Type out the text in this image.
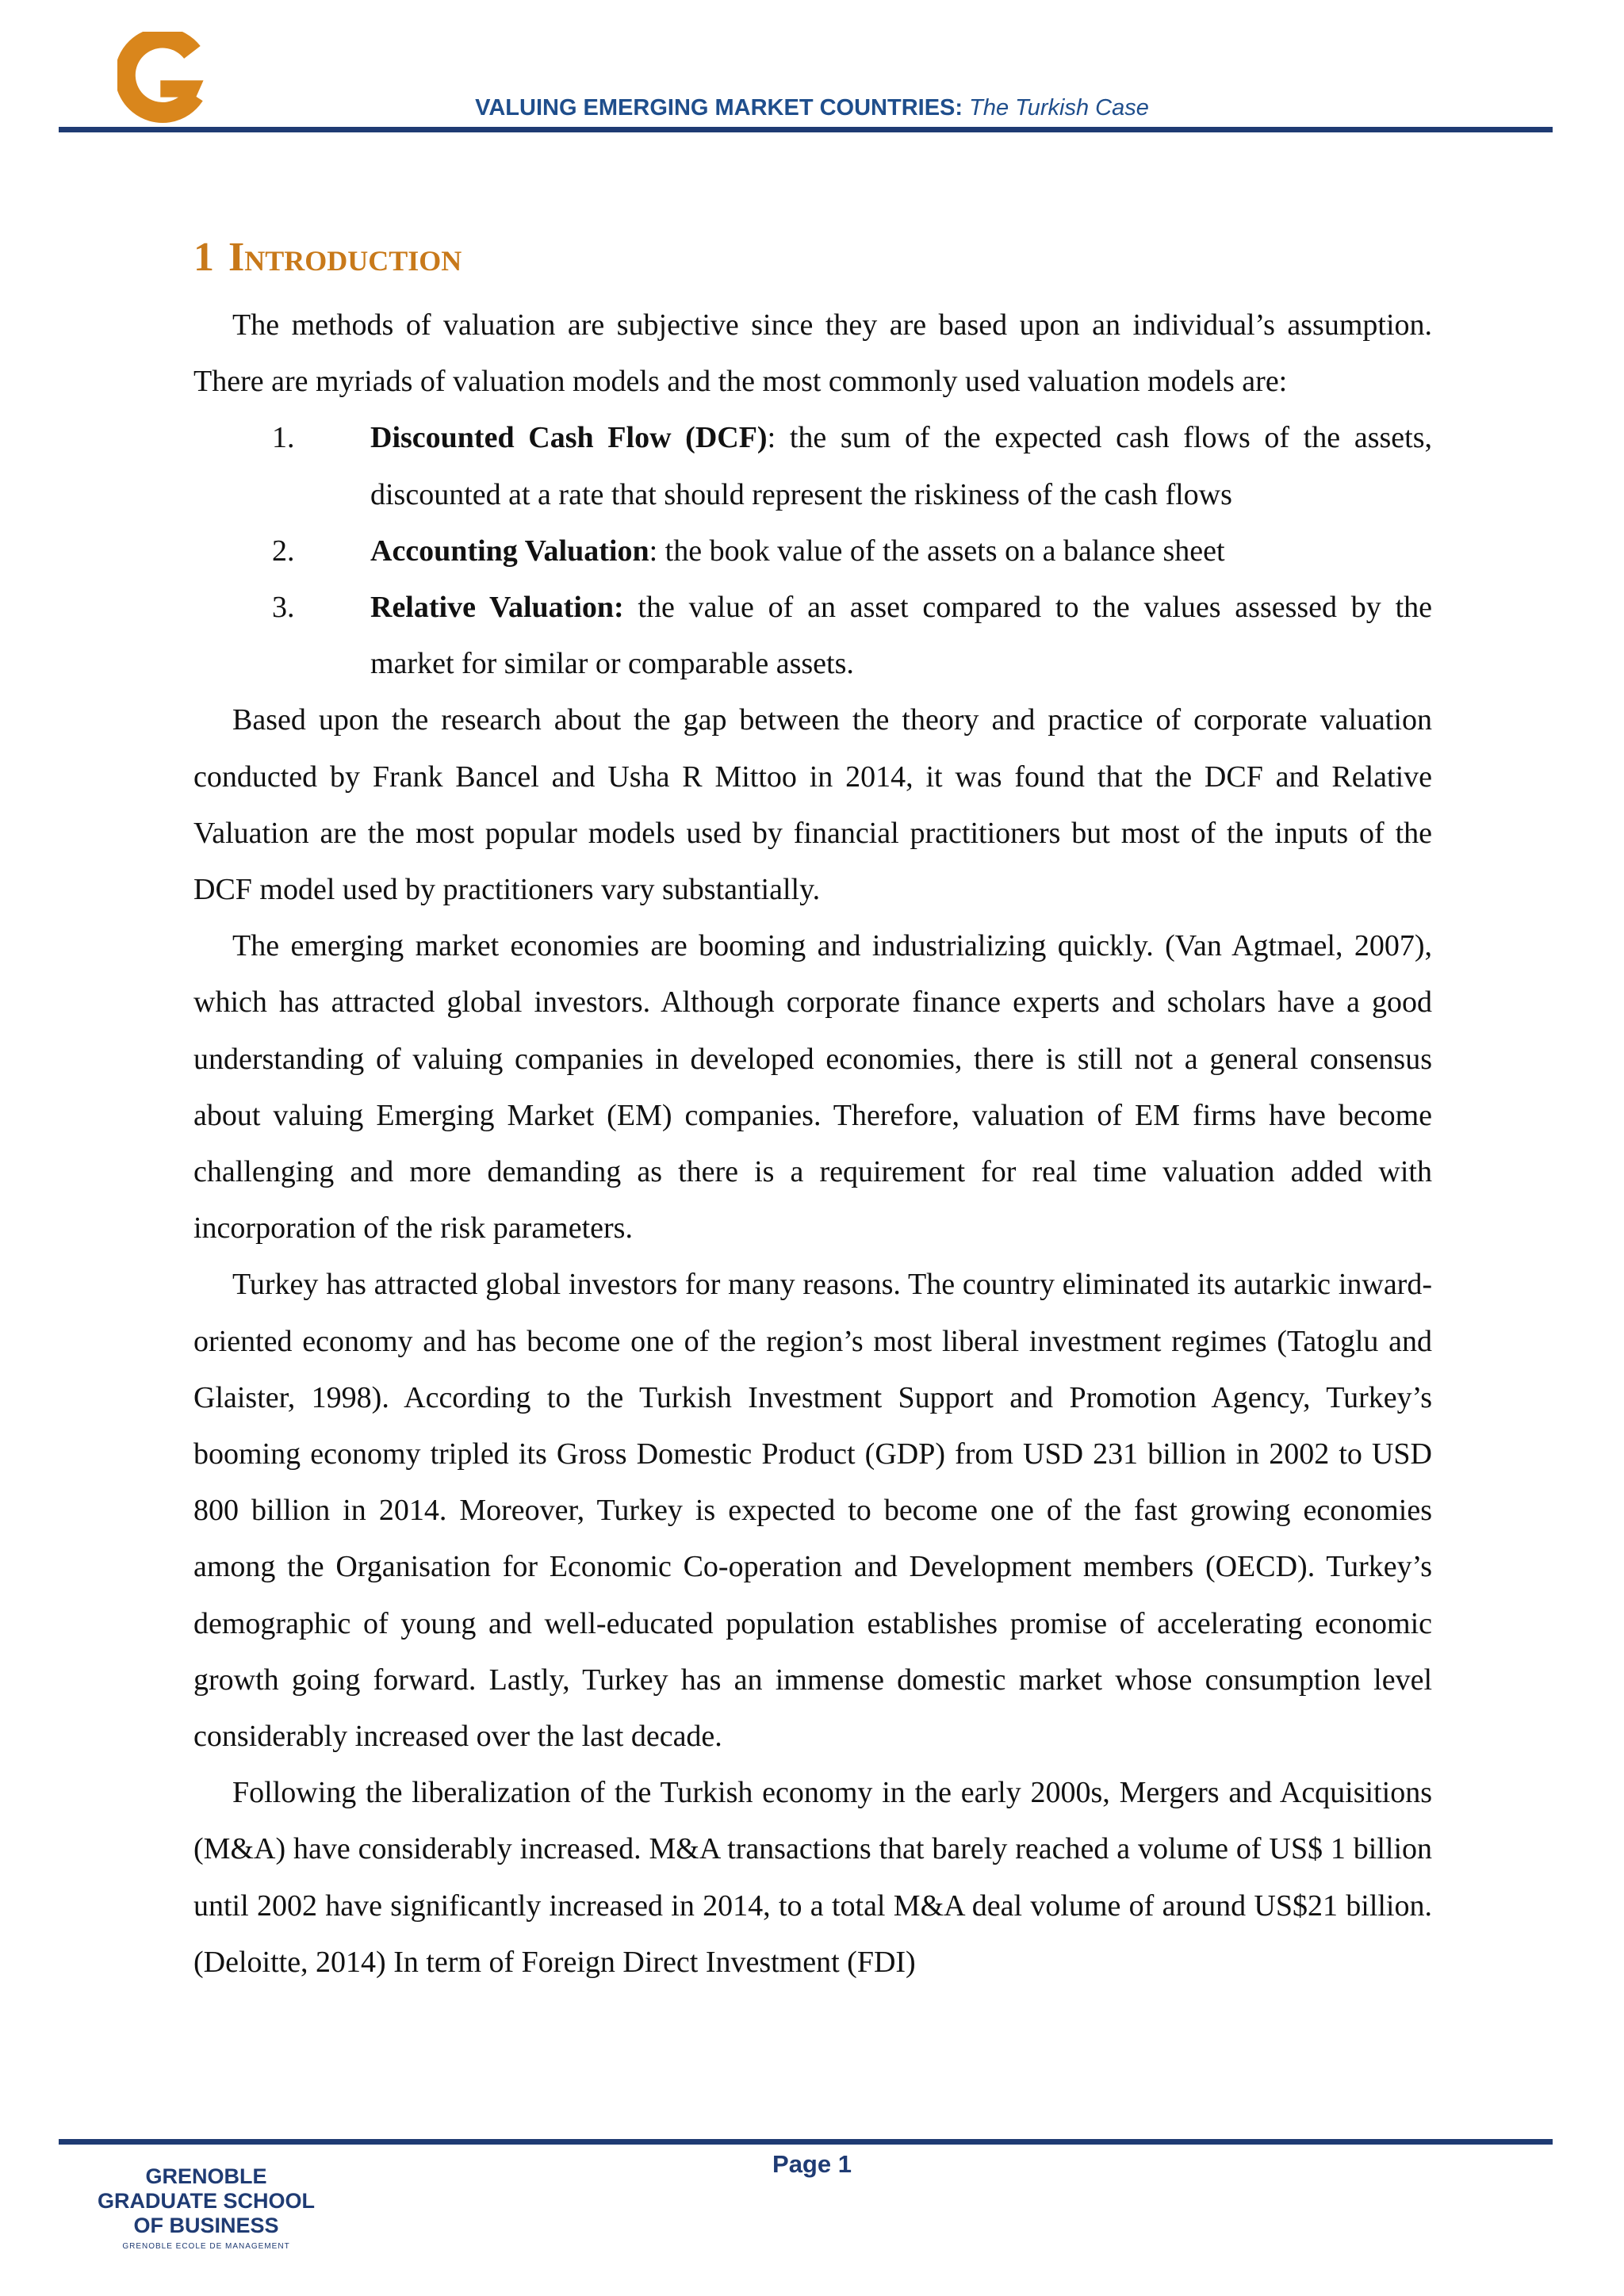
VALUING EMERGING MARKET COUNTRIES: The Turkish Case
1 Introduction

The methods of valuation are subjective since they are based upon an individual’s assumption. There are myriads of valuation models and the most commonly used valuation models are:

1.	Discounted Cash Flow (DCF): the sum of the expected cash flows of the assets, discounted at a rate that should represent the riskiness of the cash flows
2.	Accounting Valuation: the book value of the assets on a balance sheet
3.	Relative Valuation: the value of an asset compared to the values assessed by the market for similar or comparable assets.

Based upon the research about the gap between the theory and practice of corporate valuation conducted by Frank Bancel and Usha R Mittoo in 2014, it was found that the DCF and Relative Valuation are the most popular models used by financial practitioners but most of the inputs of the DCF model used by practitioners vary substantially.

The emerging market economies are booming and industrializing quickly. (Van Agtmael, 2007), which has attracted global investors. Although corporate finance experts and scholars have a good understanding of valuing companies in developed economies, there is still not a general consensus about valuing Emerging Market (EM) companies. Therefore, valuation of EM firms have become challenging and more demanding as there is a requirement for real time valuation added with incorporation of the risk parameters.

Turkey has attracted global investors for many reasons. The country eliminated its autarkic inward-oriented economy and has become one of the region’s most liberal investment regimes (Tatoglu and Glaister, 1998). According to the Turkish Investment Support and Promotion Agency, Turkey’s booming economy tripled its Gross Domestic Product (GDP) from USD 231 billion in 2002 to USD 800 billion in 2014. Moreover, Turkey is expected to become one of the fast growing economies among the Organisation for Economic Co-operation and Development members (OECD). Turkey’s demographic of young and well-educated population establishes promise of accelerating economic growth going forward. Lastly, Turkey has an immense domestic market whose consumption level considerably increased over the last decade.

Following the liberalization of the Turkish economy in the early 2000s, Mergers and Acquisitions (M&A) have considerably increased. M&A transactions that barely reached a volume of US$ 1 billion until 2002 have significantly increased in 2014, to a total M&A deal volume of around US$21 billion. (Deloitte, 2014) In term of Foreign Direct Investment (FDI)

Page 1
GRENOBLE
GRADUATE SCHOOL
OF BUSINESS
GRENOBLE ECOLE DE MANAGEMENT
